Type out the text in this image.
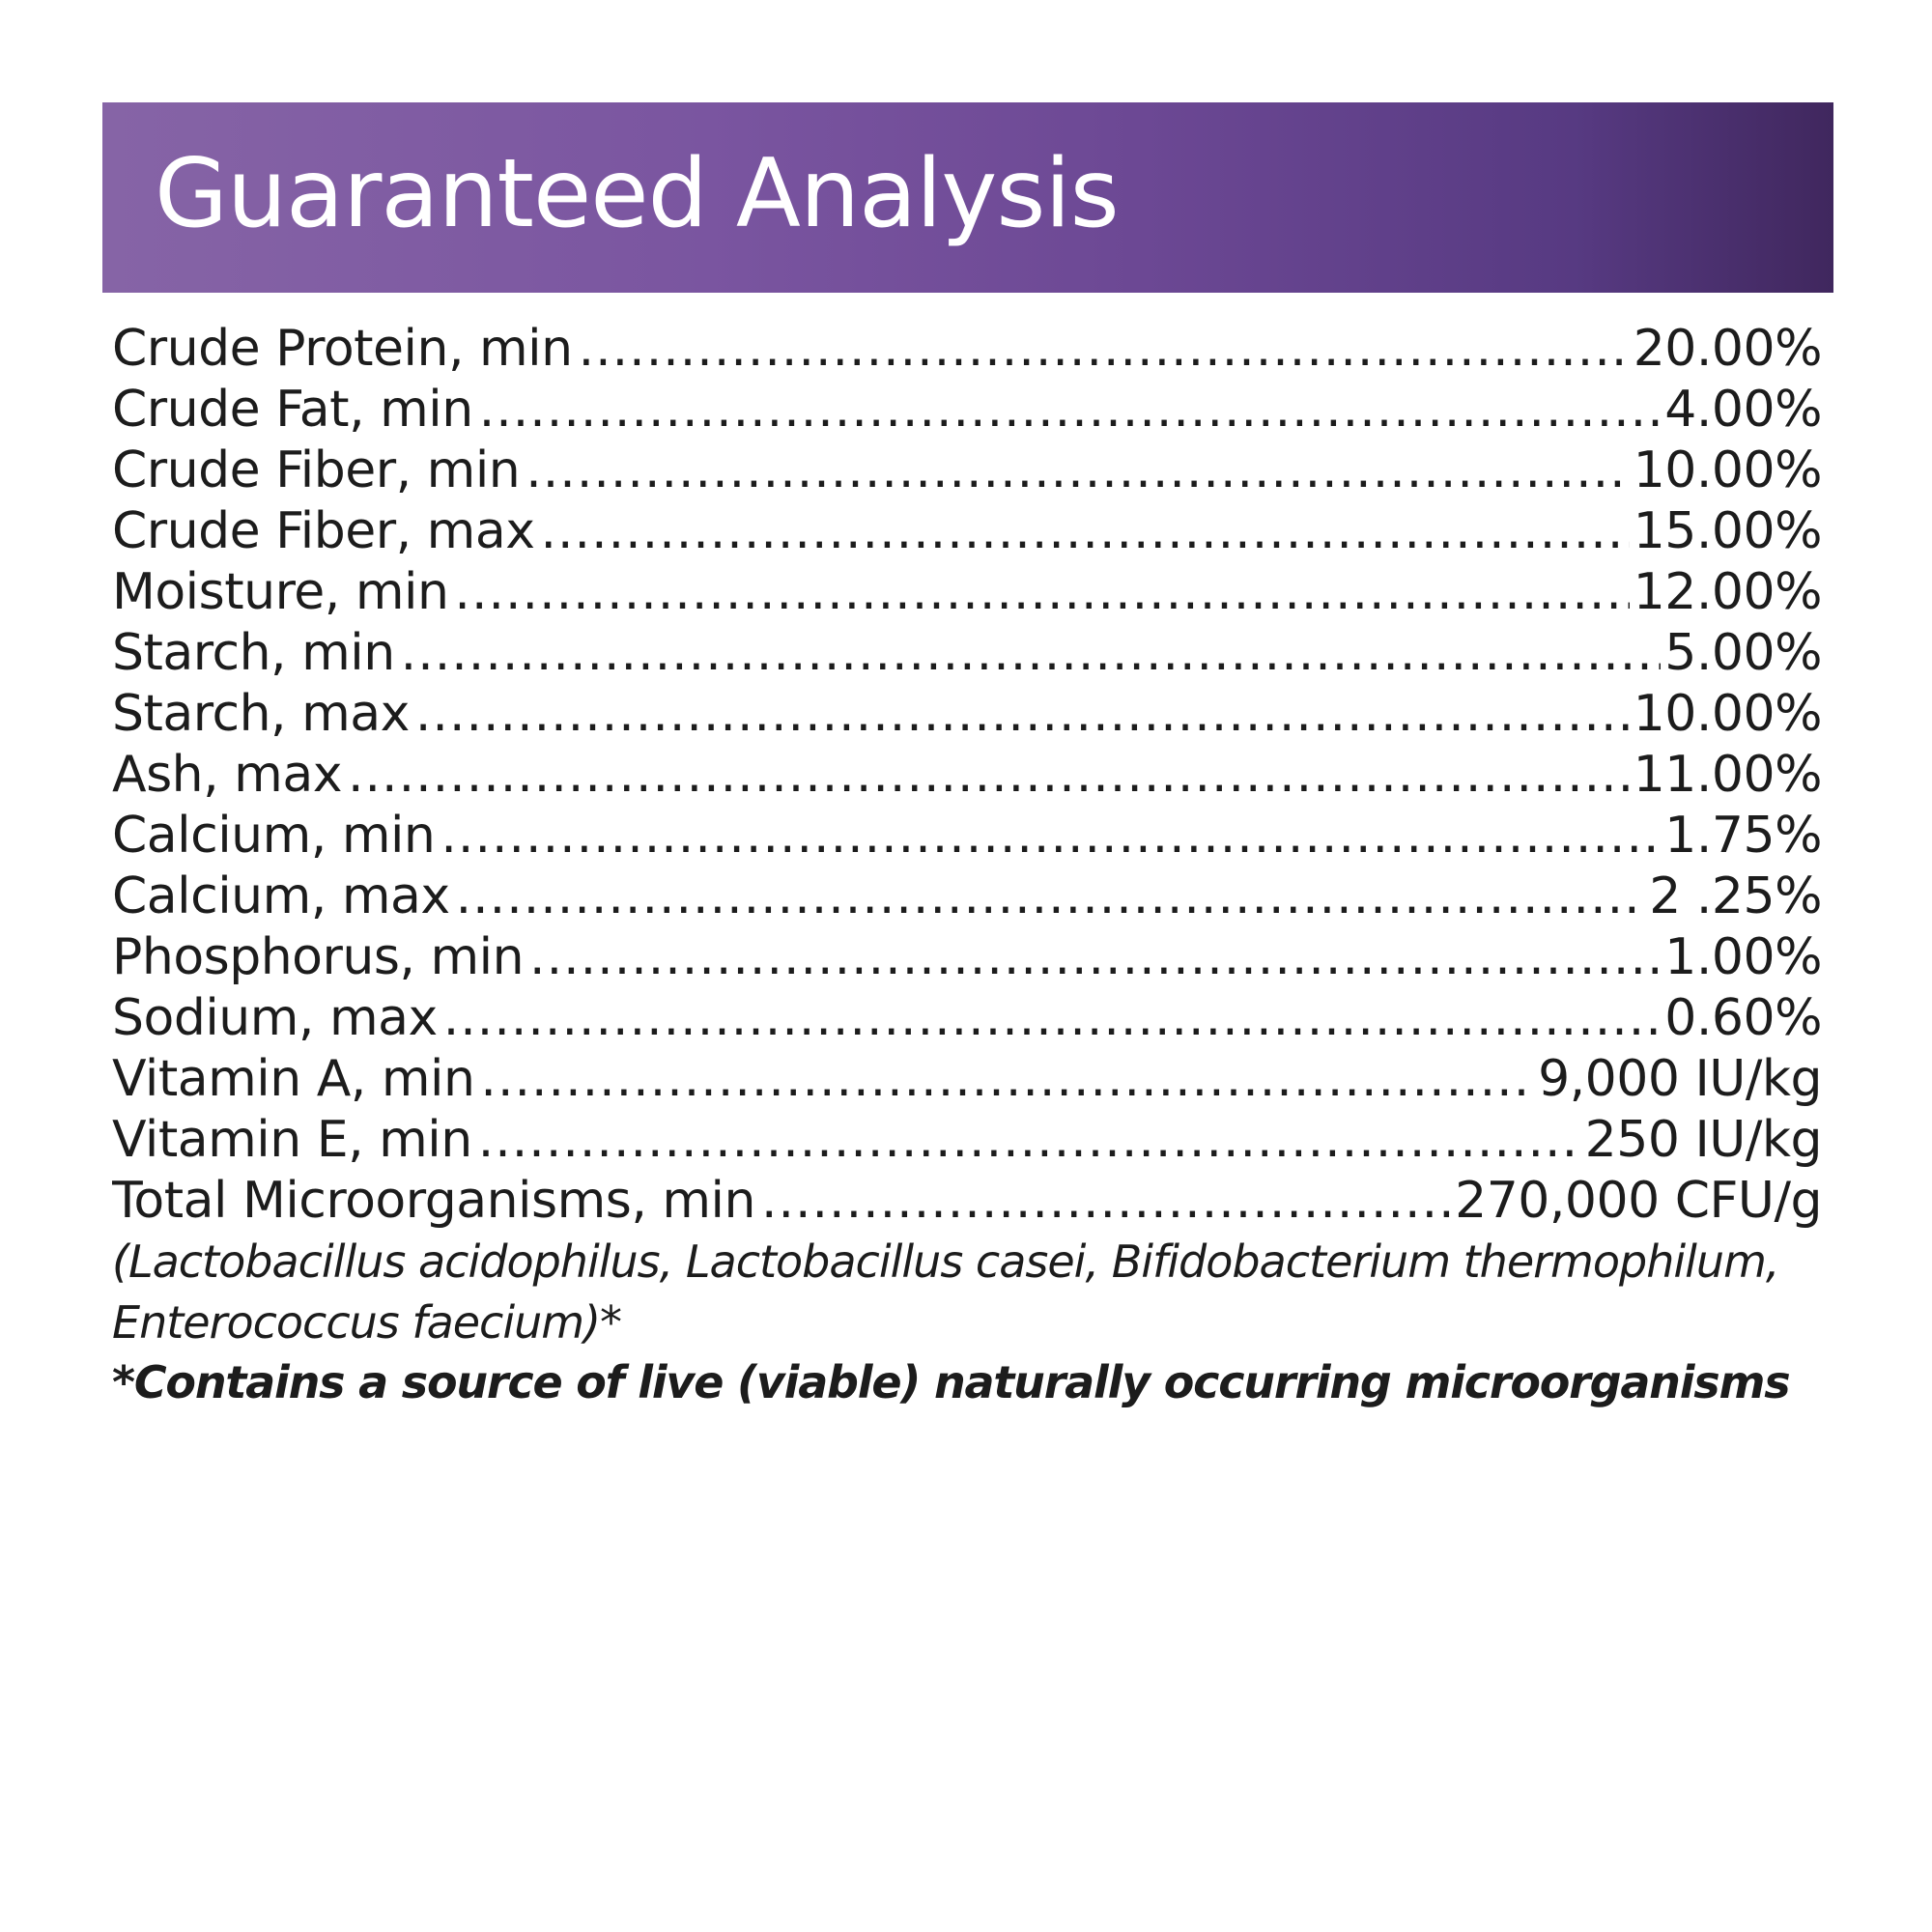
Guaranteed Analysis
Crude Protein, min .....	20.00%
Crude Fat, min .....	4.00%
Crude Fiber, min .....	10.00%
Crude Fiber, max .....	15.00%
Moisture, min .....	12.00%
Starch, min .....	5.00%
Starch, max .....	10.00%
Ash, max .....	11.00%
Calcium, min .....	1.75%
Calcium, max .....	2 .25%
Phosphorus, min .....	1.00%
Sodium, max .....	0.60%
Vitamin A, min .....	9,000 IU/kg
Vitamin E, min .....	250 IU/kg
Total Microorganisms, min .....	270,000 CFU/g
(Lactobacillus acidophilus, Lactobacillus casei, Bifidobacterium thermophilum,
Enterococcus faecium)*
*Contains a source of live (viable) naturally occurring microorganisms
